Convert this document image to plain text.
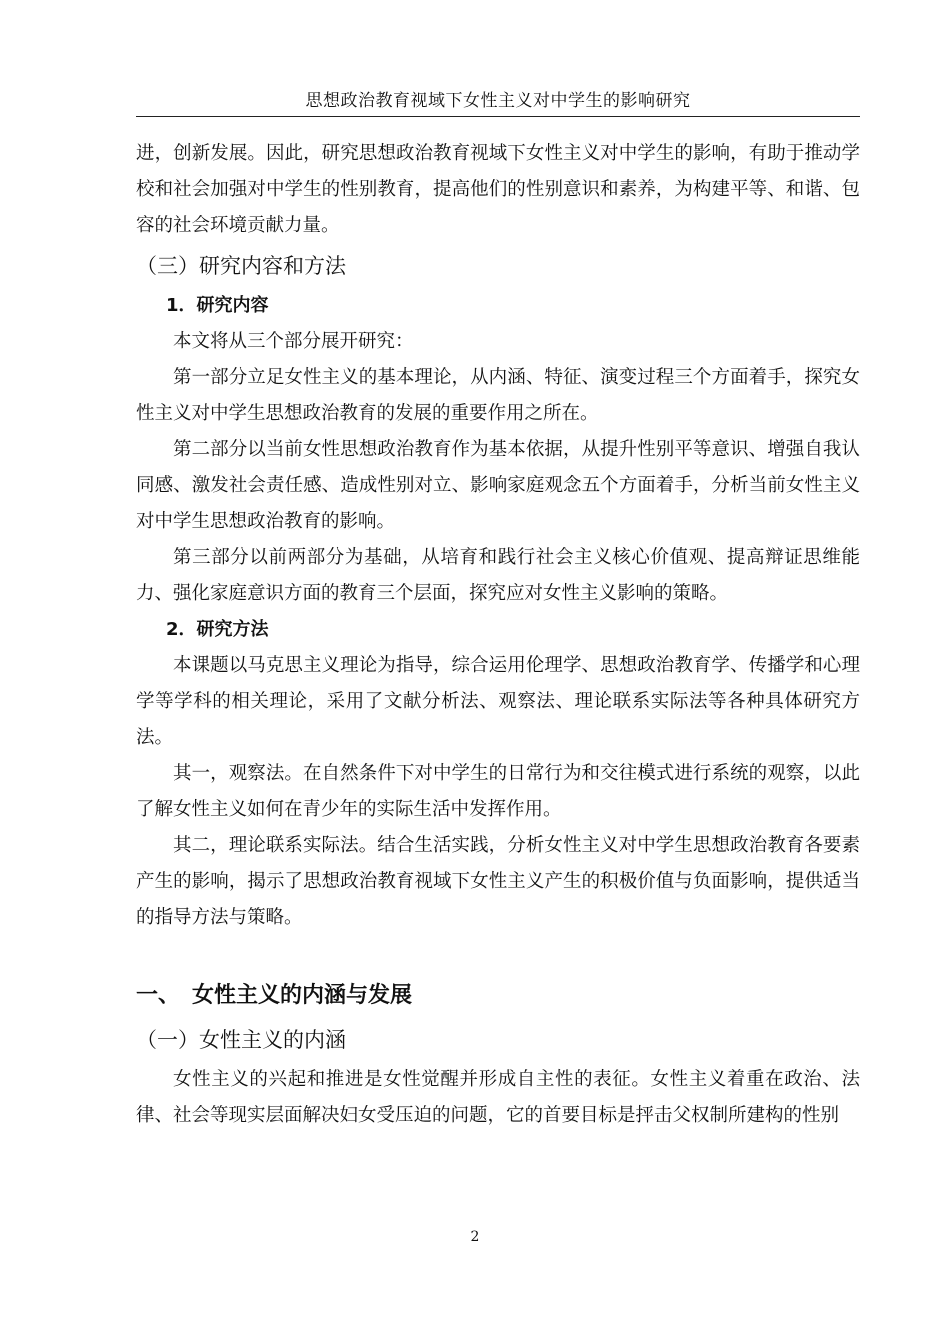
思想政治教育视域下女性主义对中学生的影响研究

进，创新发展。因此，研究思想政治教育视域下女性主义对中学生的影响，有助于推动学校和社会加强对中学生的性别教育，提高他们的性别意识和素养，为构建平等、和谐、包容的社会环境贡献力量。

（三）研究内容和方法
1．研究内容

本文将从三个部分展开研究：

第一部分立足女性主义的基本理论，从内涵、特征、演变过程三个方面着手，探究女性主义对中学生思想政治教育的发展的重要作用之所在。

第二部分以当前女性思想政治教育作为基本依据，从提升性别平等意识、增强自我认同感、激发社会责任感、造成性别对立、影响家庭观念五个方面着手，分析当前女性主义对中学生思想政治教育的影响。

第三部分以前两部分为基础，从培育和践行社会主义核心价值观、提高辩证思维能力、强化家庭意识方面的教育三个层面，探究应对女性主义影响的策略。

2．研究方法

本课题以马克思主义理论为指导，综合运用伦理学、思想政治教育学、传播学和心理学等学科的相关理论，采用了文献分析法、观察法、理论联系实际法等各种具体研究方法。

其一，观察法。在自然条件下对中学生的日常行为和交往模式进行系统的观察，以此了解女性主义如何在青少年的实际生活中发挥作用。

其二，理论联系实际法。结合生活实践，分析女性主义对中学生思想政治教育各要素产生的影响，揭示了思想政治教育视域下女性主义产生的积极价值与负面影响，提供适当的指导方法与策略。

一、 女性主义的内涵与发展
（一）女性主义的内涵

女性主义的兴起和推进是女性觉醒并形成自主性的表征。女性主义着重在政治、法律、社会等现实层面解决妇女受压迫的问题，它的首要目标是抨击父权制所建构的性别

2
